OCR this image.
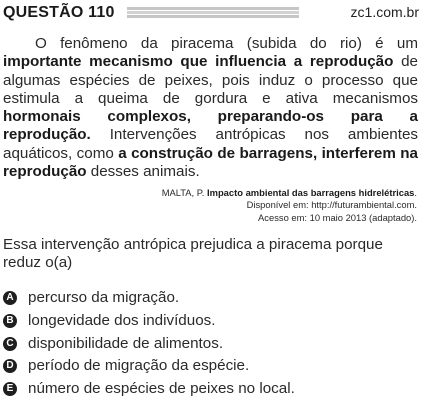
QUESTÃO 110	zc1.com.br

O fenômeno da piracema (subida do rio) é um importante mecanismo que influencia a reprodução de algumas espécies de peixes, pois induz o processo que estimula a queima de gordura e ativa mecanismos hormonais complexos, preparando-os para a reprodução. Intervenções antrópicas nos ambientes aquáticos, como a construção de barragens, interferem na reprodução desses animais.

MALTA, P. Impacto ambiental das barragens hidrelétricas.
Disponível em: http://futurambiental.com.
Acesso em: 10 maio 2013 (adaptado).
Essa intervenção antrópica prejudica a piracema porque
reduz o(a)
A percurso da migração.
B longevidade dos indivíduos.
C disponibilidade de alimentos.
D período de migração da espécie.
E número de espécies de peixes no local.
